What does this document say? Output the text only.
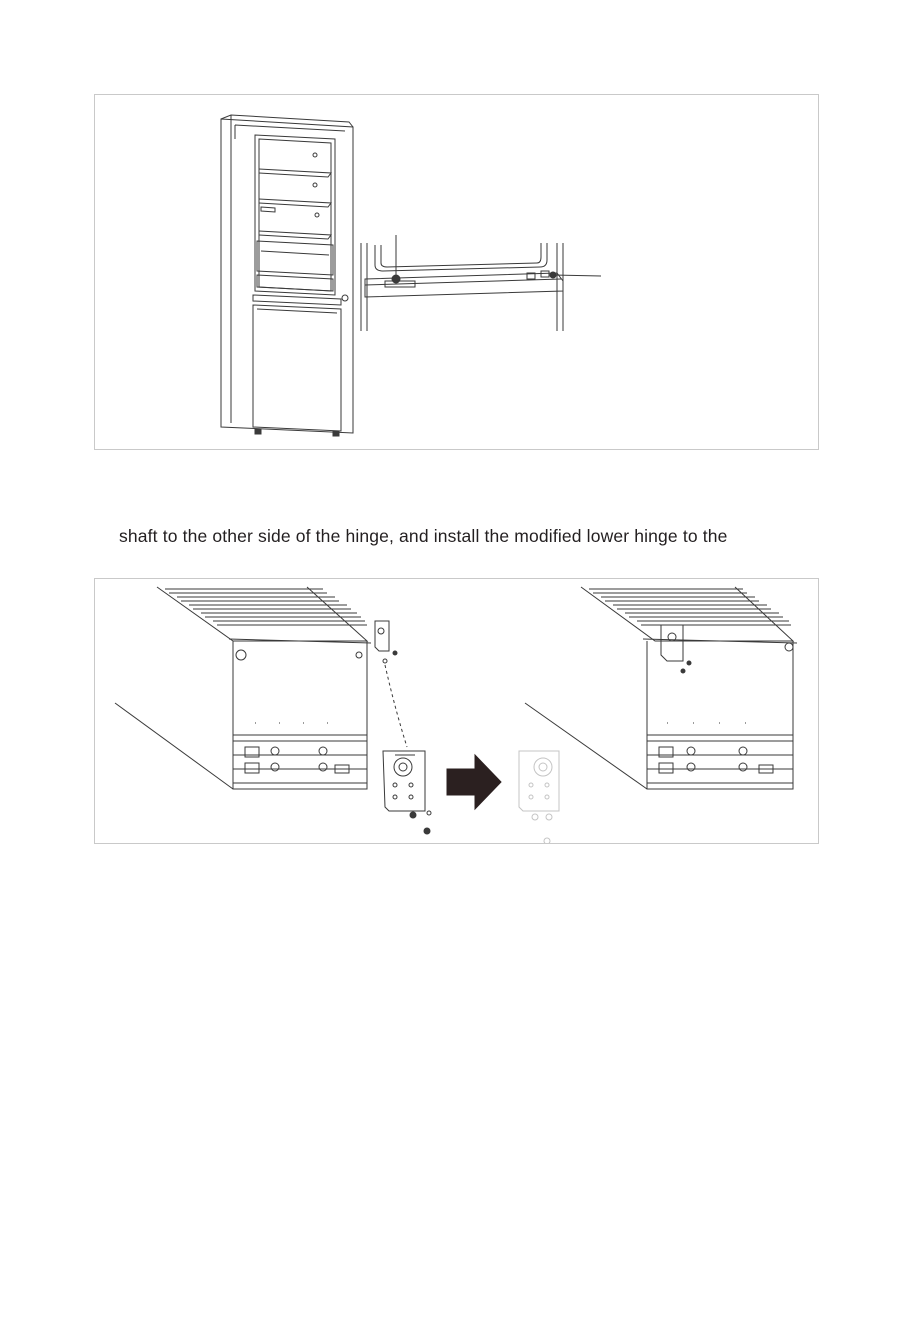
shaft to the other side of the hinge, and install the modified lower hinge to the
